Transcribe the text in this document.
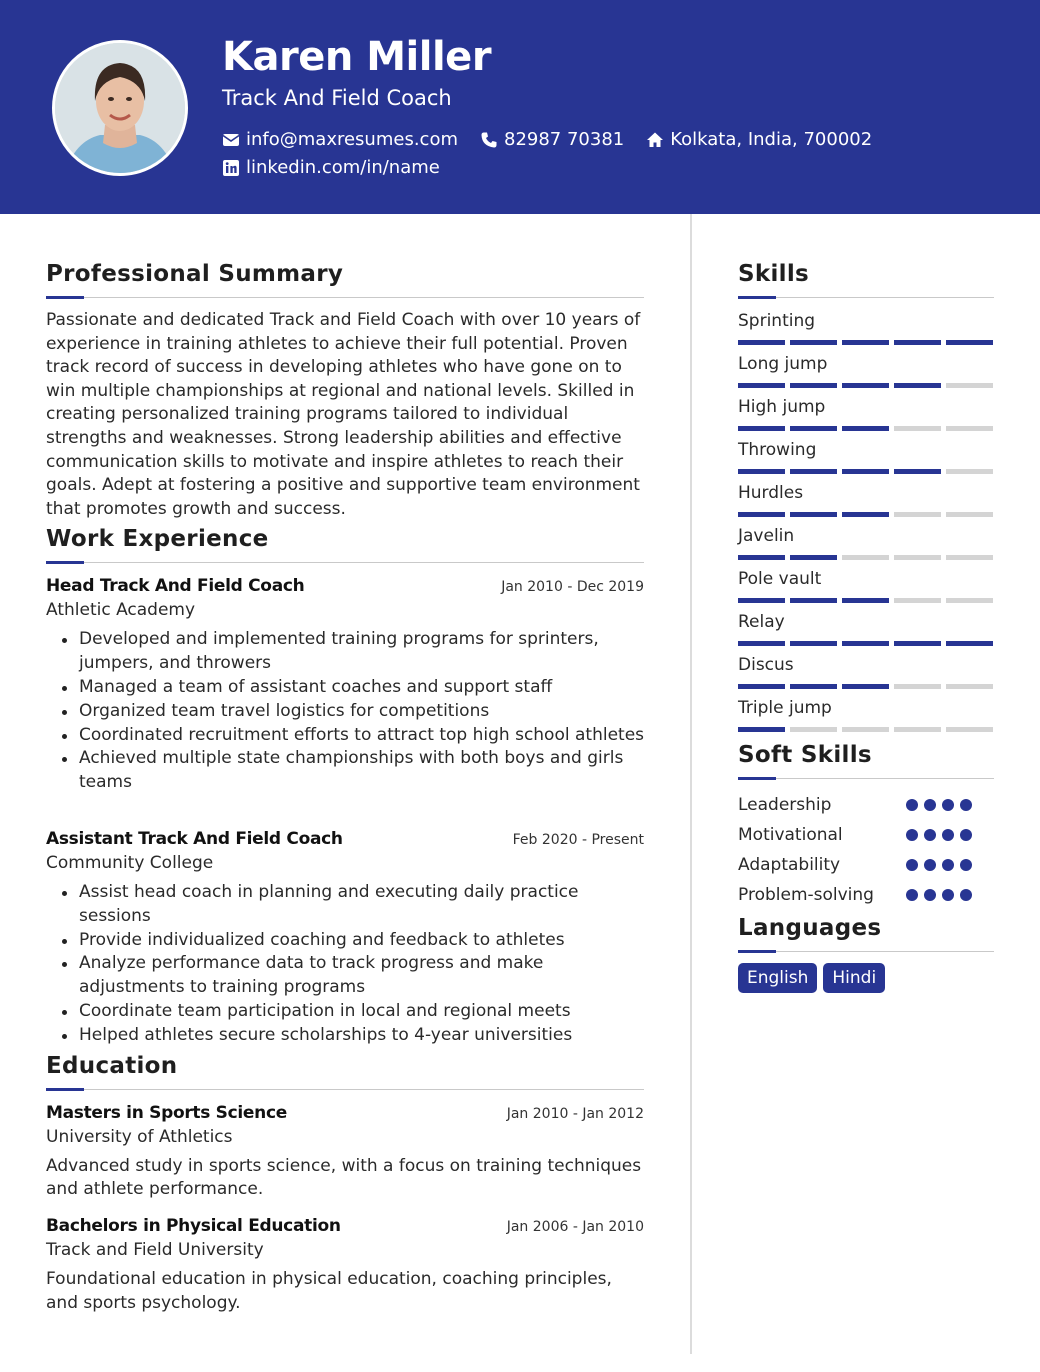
Karen Miller
Track And Field Coach
info@maxresumes.com	82987 70381	Kolkata, India, 700002
linkedin.com/in/name
Professional Summary

Passionate and dedicated Track and Field Coach with over 10 years of experience in training athletes to achieve their full potential. Proven track record of success in developing athletes who have gone on to win multiple championships at regional and national levels. Skilled in creating personalized training programs tailored to individual strengths and weaknesses. Strong leadership abilities and effective communication skills to motivate and inspire athletes to reach their goals. Adept at fostering a positive and supportive team environment that promotes growth and success.

Work Experience
Head Track And Field Coach	Jan 2010 - Dec 2019
Athletic Academy
Developed and implemented training programs for sprinters, jumpers, and throwers
Managed a team of assistant coaches and support staff
Organized team travel logistics for competitions
Coordinated recruitment efforts to attract top high school athletes
Achieved multiple state championships with both boys and girls teams
Assistant Track And Field Coach	Feb 2020 - Present
Community College
Assist head coach in planning and executing daily practice sessions
Provide individualized coaching and feedback to athletes
Analyze performance data to track progress and make adjustments to training programs
Coordinate team participation in local and regional meets
Helped athletes secure scholarships to 4-year universities
Education
Masters in Sports Science	Jan 2010 - Jan 2012
University of Athletics

Advanced study in sports science, with a focus on training techniques and athlete performance.

Bachelors in Physical Education	Jan 2006 - Jan 2010
Track and Field University

Foundational education in physical education, coaching principles, and sports psychology.

Skills
Sprinting
Long jump
High jump
Throwing
Hurdles
Javelin
Pole vault
Relay
Discus
Triple jump
Soft Skills
Leadership
Motivational
Adaptability
Problem-solving
Languages
English	Hindi
